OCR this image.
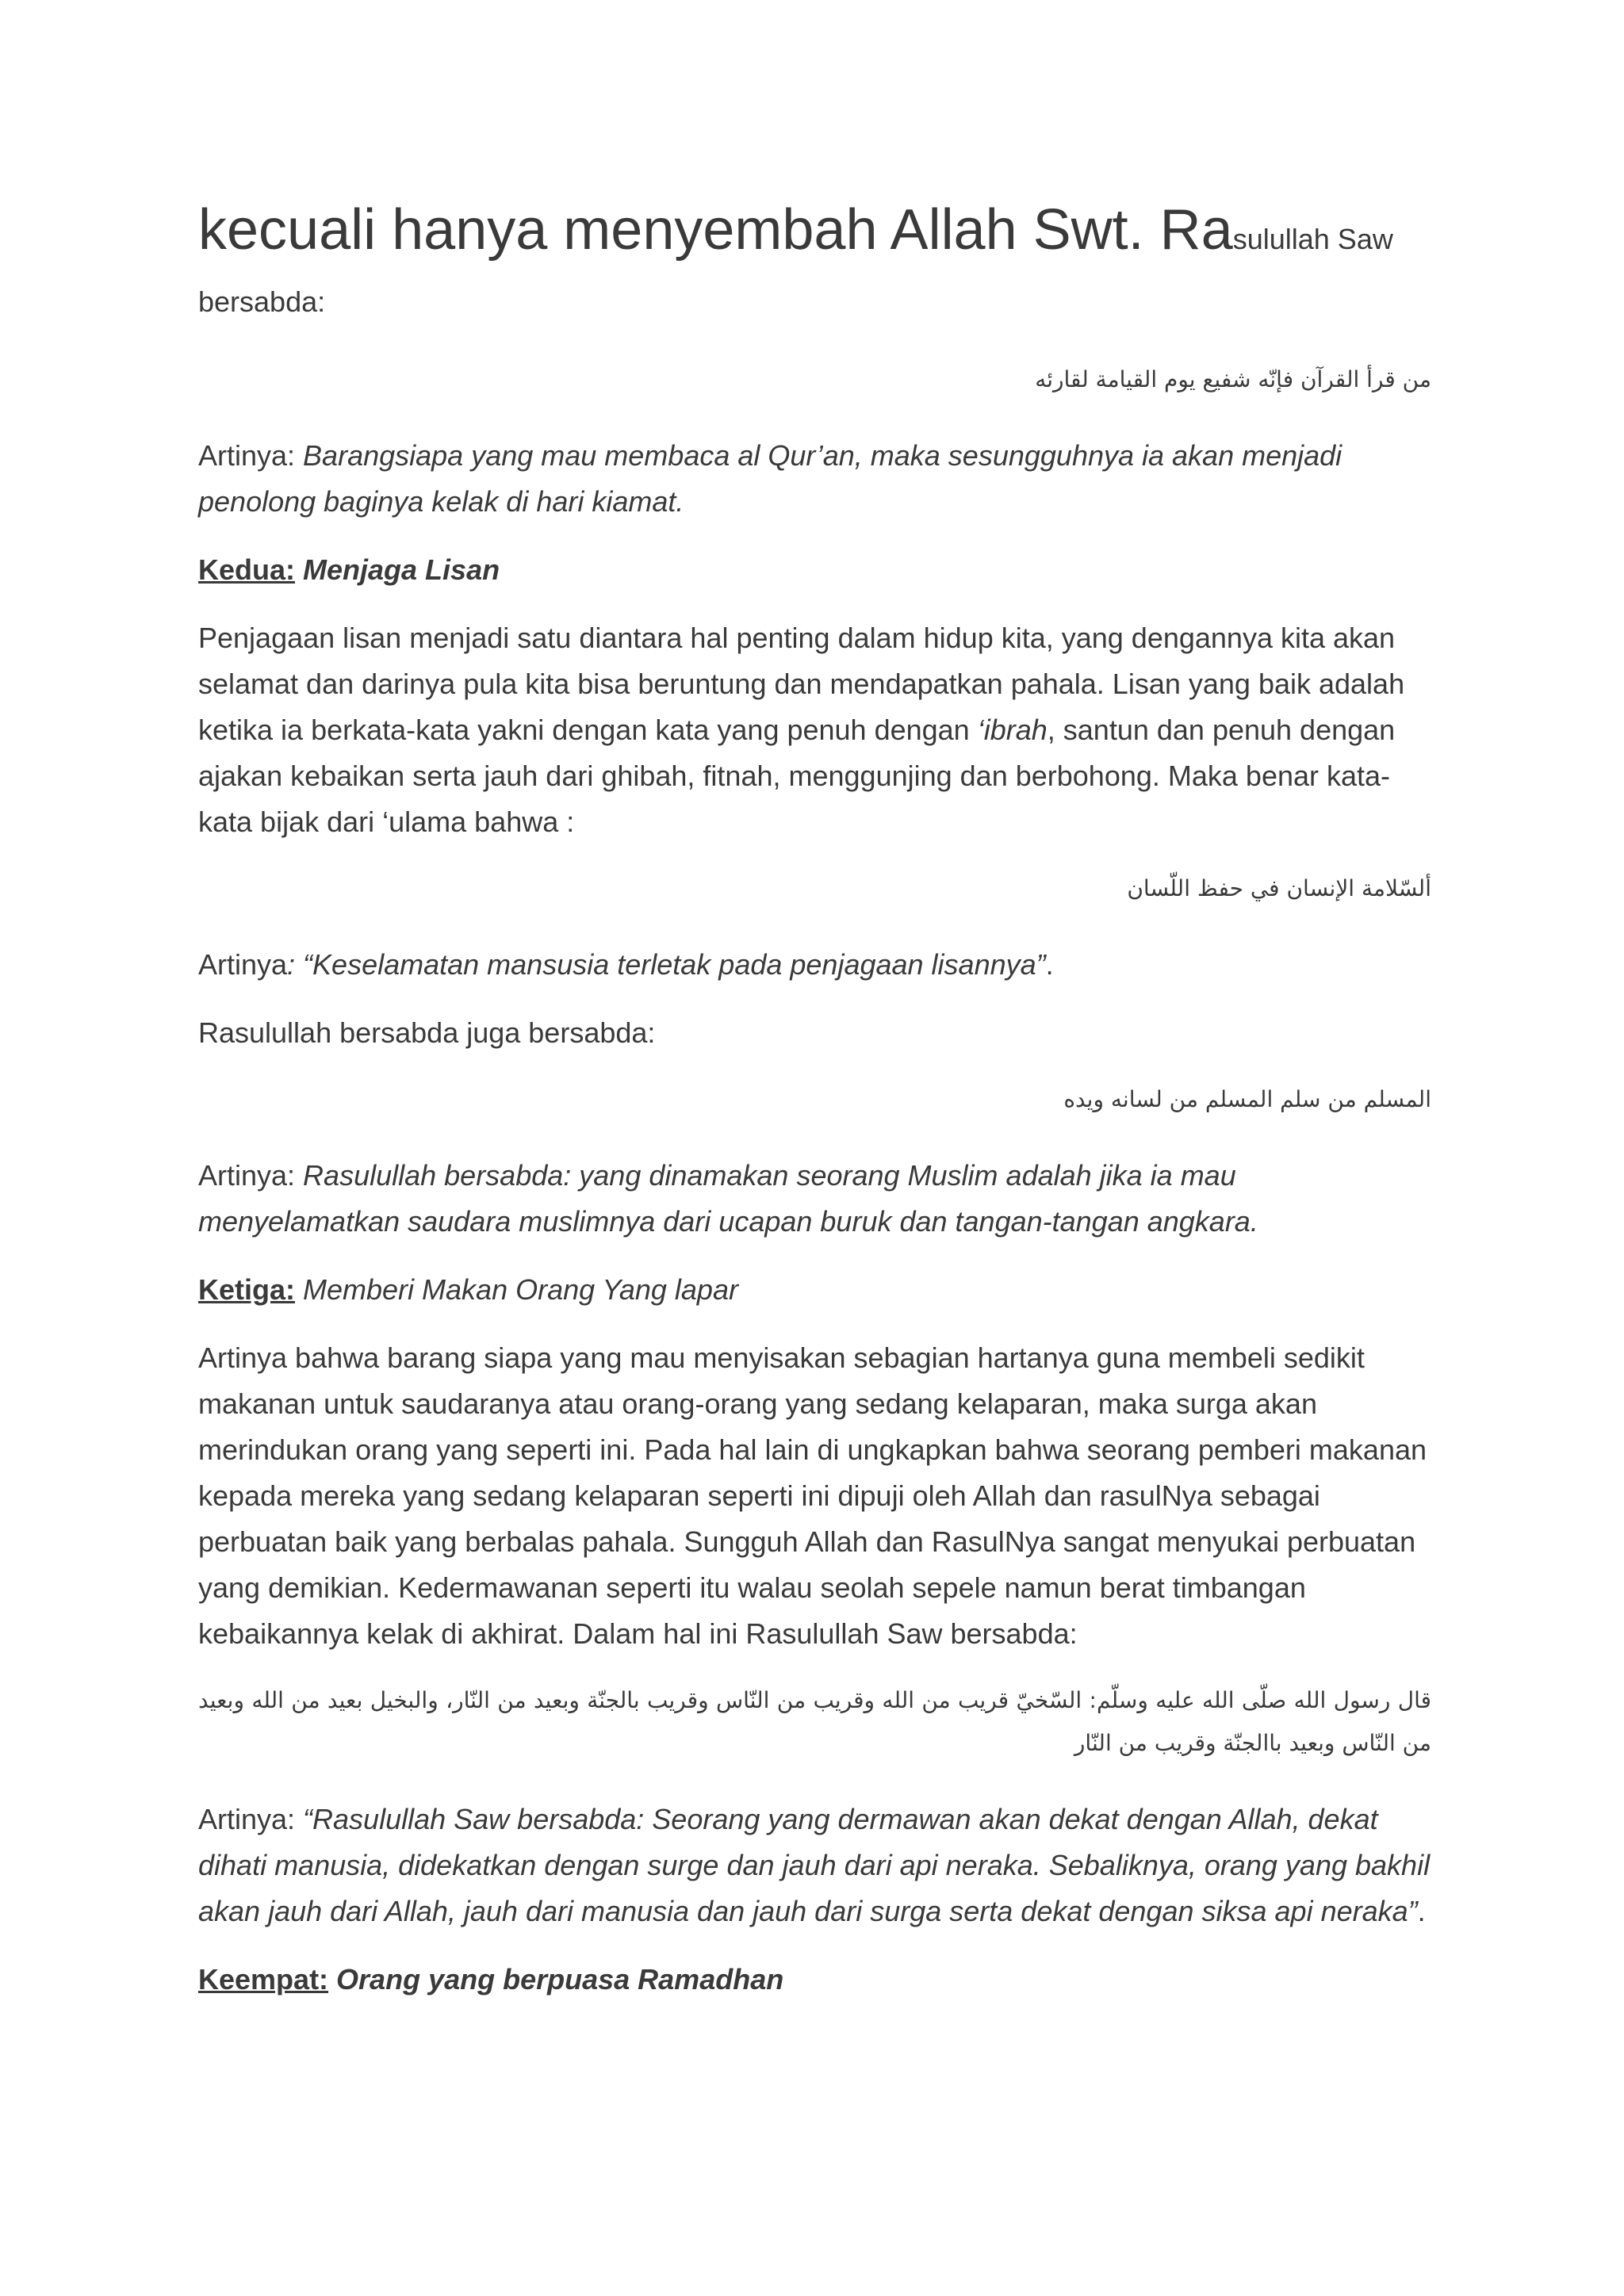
kecuali hanya menyembah Allah Swt. Rasulullah Saw
bersabda:
من قرأ القرآن فإنّه شفيع يوم القيامة لقارئه

Artinya: Barangsiapa yang mau membaca al Qur’an, maka sesungguhnya ia akan menjadi penolong baginya kelak di hari kiamat.

Kedua: Menjaga Lisan

Penjagaan lisan menjadi satu diantara hal penting dalam hidup kita, yang dengannya kita akan selamat dan darinya pula kita bisa beruntung dan mendapatkan pahala. Lisan yang baik adalah ketika ia berkata-kata yakni dengan kata yang penuh dengan ‘ibrah, santun dan penuh dengan ajakan kebaikan serta jauh dari ghibah, fitnah, menggunjing dan berbohong. Maka benar kata-kata bijak dari ‘ulama bahwa :

ألسّلامة الإنسان في حفظ اللّسان

Artinya: “Keselamatan mansusia terletak pada penjagaan lisannya”.

Rasulullah bersabda juga bersabda:

المسلم من سلم المسلم من لسانه ويده

Artinya: Rasulullah bersabda: yang dinamakan seorang Muslim adalah jika ia mau menyelamatkan saudara muslimnya dari ucapan buruk dan tangan-tangan angkara.

Ketiga: Memberi Makan Orang Yang lapar

Artinya bahwa barang siapa yang mau menyisakan sebagian hartanya guna membeli sedikit makanan untuk saudaranya atau orang-orang yang sedang kelaparan, maka surga akan merindukan orang yang seperti ini. Pada hal lain di ungkapkan bahwa seorang pemberi makanan kepada mereka yang sedang kelaparan seperti ini dipuji oleh Allah dan rasulNya sebagai perbuatan baik yang berbalas pahala. Sungguh Allah dan RasulNya sangat menyukai perbuatan yang demikian. Kedermawanan seperti itu walau seolah sepele namun berat timbangan kebaikannya kelak di akhirat. Dalam hal ini Rasulullah Saw bersabda:

قال رسول الله صلّى الله عليه وسلّم: السّخيّ قريب من الله وقريب من النّاس وقريب بالجنّة وبعيد من النّار، والبخيل بعيد من الله وبعيد من النّاس وبعيد باالجنّة وقريب من النّار

Artinya: “Rasulullah Saw bersabda: Seorang yang dermawan akan dekat dengan Allah, dekat dihati manusia, didekatkan dengan surge dan jauh dari api neraka. Sebaliknya, orang yang bakhil akan jauh dari Allah, jauh dari manusia dan jauh dari surga serta dekat dengan siksa api neraka”.

Keempat: Orang yang berpuasa Ramadhan
